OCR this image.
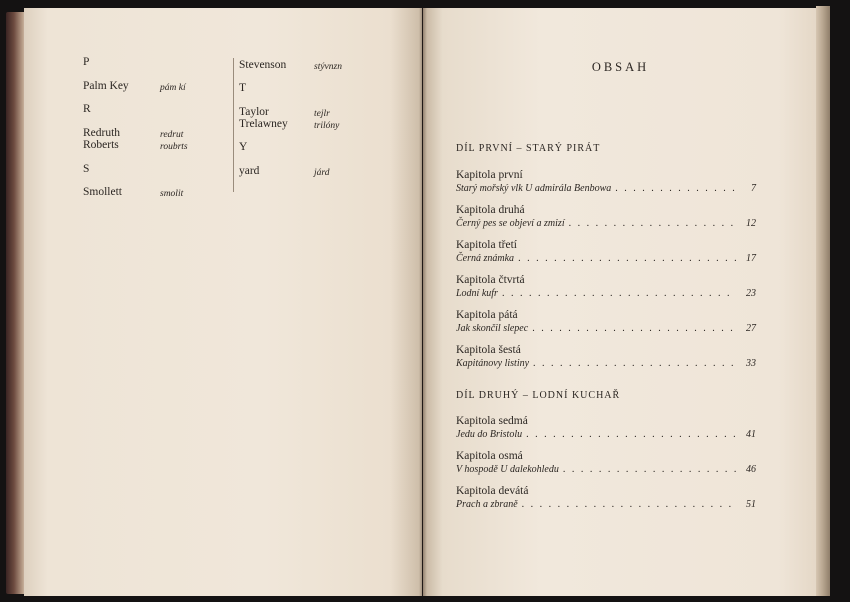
P
Palm Key	pám kí
R
Redruth	redrut
Roberts	roubrts
S
Smollett	smolit
Stevenson	stývnzn
T
Taylor	tejlr
Trelawney	trilóny
Y
yard	járd
OBSAH
DÍL PRVNÍ – STARÝ PIRÁT
Kapitola první
Starý mořský vlk U admirála Benbowa . . .	7
Kapitola druhá
Černý pes se objeví a zmizí . . .	12
Kapitola třetí
Černá známka . . .	17
Kapitola čtvrtá
Lodní kufr . . .	23
Kapitola pátá
Jak skončil slepec . . .	27
Kapitola šestá
Kapitánovy listiny . . .	33
DÍL DRUHÝ – LODNÍ KUCHAŘ
Kapitola sedmá
Jedu do Bristolu . . .	41
Kapitola osmá
V hospodě U dalekohledu . . .	46
Kapitola devátá
Prach a zbraně . . .	51
